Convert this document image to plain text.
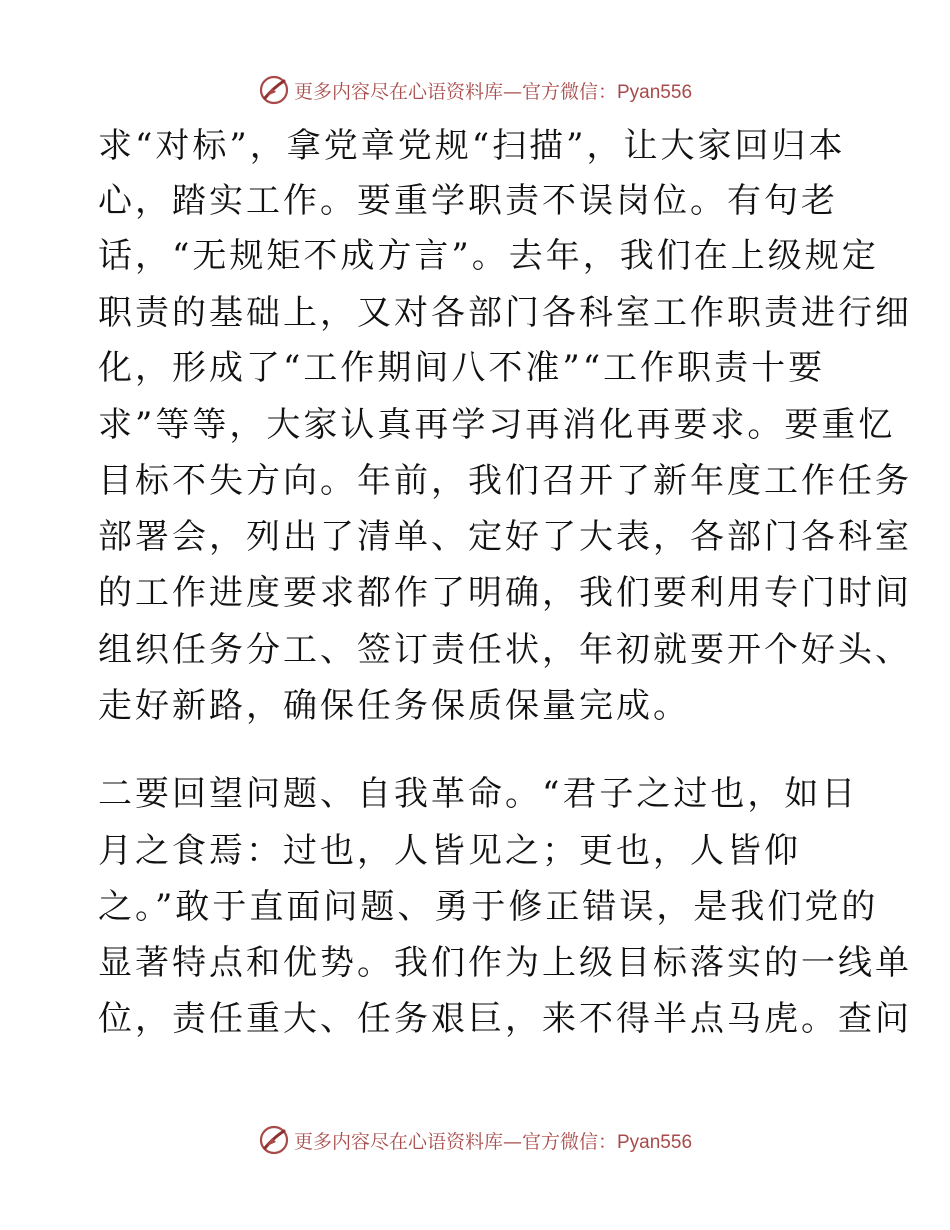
更多内容尽在心语资料库—官方微信：Pyan556
求“对标”，拿党章党规“扫描”，让大家回归本
心，踏实工作。要重学职责不误岗位。有句老
话，“无规矩不成方言”。去年，我们在上级规定
职责的基础上，又对各部门各科室工作职责进行细
化，形成了“工作期间八不准”“工作职责十要
求”等等，大家认真再学习再消化再要求。要重忆
目标不失方向。年前，我们召开了新年度工作任务
部署会，列出了清单、定好了大表，各部门各科室
的工作进度要求都作了明确，我们要利用专门时间
组织任务分工、签订责任状，年初就要开个好头、
走好新路，确保任务保质保量完成。
二要回望问题、自我革命。“君子之过也，如日
月之食焉：过也，人皆见之；更也，人皆仰
之。”敢于直面问题、勇于修正错误，是我们党的
显著特点和优势。我们作为上级目标落实的一线单
位，责任重大、任务艰巨，来不得半点马虎。查问
更多内容尽在心语资料库—官方微信：Pyan556
